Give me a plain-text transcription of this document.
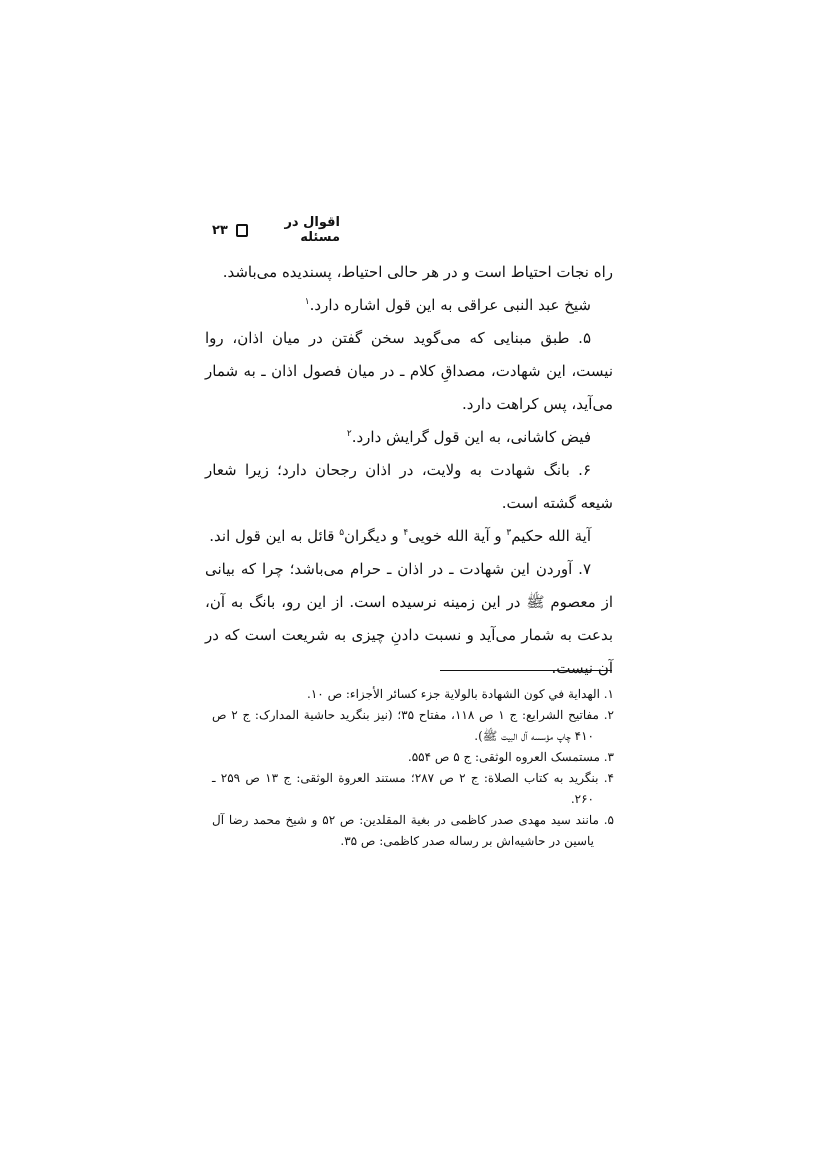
اقوال در مسئله
۲۳

راه نجات احتیاط است و در هر حالی احتیاط، پسندیده می‌باشد.

شیخ عبد النبی عراقی به این قول اشاره دارد.$^۱$

۵. طبق مبنایی که می‌گوید سخن گفتن در میان اذان، روا نیست، این شهادت، مصداقِ کلام ـ در میان فصول اذان ـ به شمار می‌آید، پس کراهت دارد.

فیض کاشانی، به این قول گرایش دارد.$^۲$

۶. بانگ شهادت به ولایت، در اذان رجحان دارد؛ زیرا شعار شیعه گشته است.

آیة الله حکیم$^۳$ و آیة الله خویی$^۴$ و دیگران$^۵$ قائل به این قول اند.

۷. آوردن این شهادت ـ در اذان ـ حرام می‌باشد؛ چرا که بیانی از معصوم ﷺ در این زمینه نرسیده است. از این رو، بانگ به آن، بدعت به شمار می‌آید و نسبت دادنِ چیزی به شریعت است که در آن نیست.

۱. الهدایة في کون الشهادة بالولایة جزء کسائر الأجزاء: ص ۱۰.

۲. مفاتیح الشرایع: ج ۱ ص ۱۱۸، مفتاح ۳۵؛ (نیز بنگرید حاشیة المدارک: ج ۲ ص ۴۱۰ چاپ مؤسسه آل البیت ﷺ).

۳. مستمسک العروه الوثقی: ج ۵ ص ۵۵۴.

۴. بنگرید به کتاب الصلاة: ج ۲ ص ۲۸۷؛ مستند العروة الوثقی: ج ۱۳ ص ۲۵۹ ـ ۲۶۰.

۵. مانند سید مهدی صدر کاظمی در بغیة المقلدین: ص ۵۲ و شیخ محمد رضا آل یاسین در حاشیه‌اش بر رساله صدر کاظمی: ص ۳۵.
